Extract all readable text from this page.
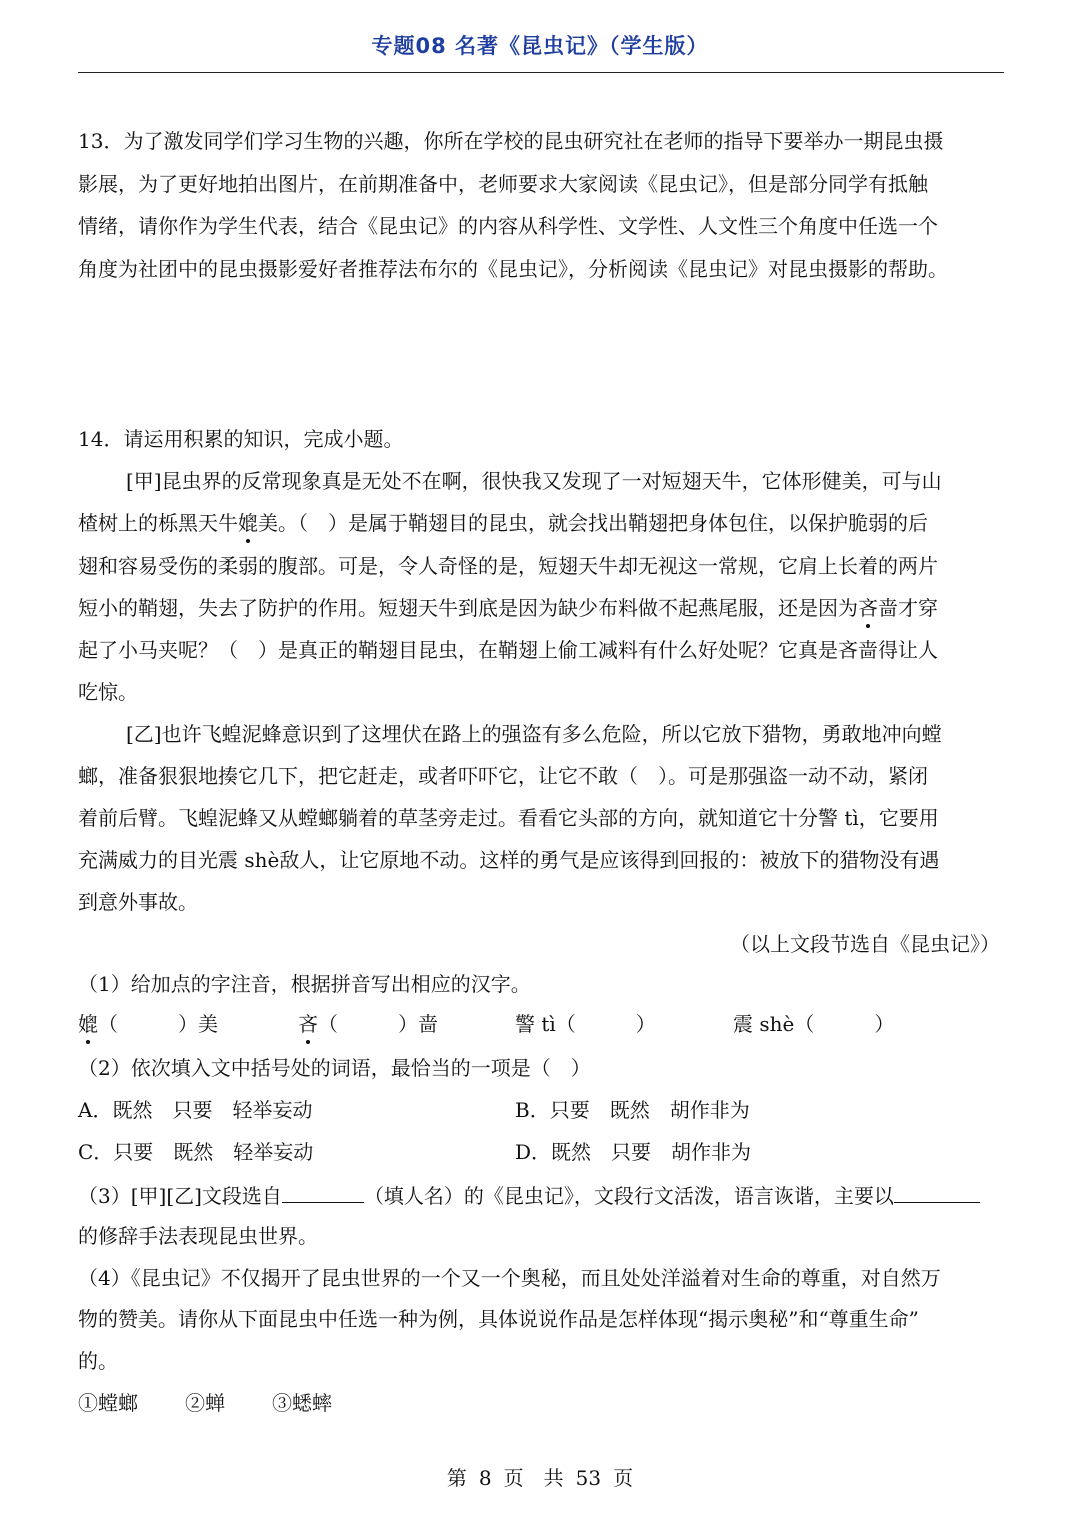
专题08 名著《昆虫记》（学生版）
13．为了激发同学们学习生物的兴趣，你所在学校的昆虫研究社在老师的指导下要举办一期昆虫摄
影展，为了更好地拍出图片，在前期准备中，老师要求大家阅读《昆虫记》，但是部分同学有抵触
情绪，请你作为学生代表，结合《昆虫记》的内容从科学性、文学性、人文性三个角度中任选一个
角度为社团中的昆虫摄影爱好者推荐法布尔的《昆虫记》，分析阅读《昆虫记》对昆虫摄影的帮助。
14．请运用积累的知识，完成小题。
[甲]昆虫界的反常现象真是无处不在啊，很快我又发现了一对短翅天牛，它体形健美，可与山
楂树上的栎黑天牛媲美。（　）是属于鞘翅目的昆虫，就会找出鞘翅把身体包住，以保护脆弱的后
翅和容易受伤的柔弱的腹部。可是，令人奇怪的是，短翅天牛却无视这一常规，它肩上长着的两片
短小的鞘翅，失去了防护的作用。短翅天牛到底是因为缺少布料做不起燕尾服，还是因为吝啬才穿
起了小马夹呢？（　）是真正的鞘翅目昆虫，在鞘翅上偷工减料有什么好处呢？它真是吝啬得让人
吃惊。
[乙]也许飞蝗泥蜂意识到了这埋伏在路上的强盗有多么危险，所以它放下猎物，勇敢地冲向螳
螂，准备狠狠地揍它几下，把它赶走，或者吓吓它，让它不敢（　）。可是那强盗一动不动，紧闭
着前后臂。飞蝗泥蜂又从螳螂躺着的草茎旁走过。看看它头部的方向，就知道它十分警 tì，它要用
充满威力的目光震 shè敌人，让它原地不动。这样的勇气是应该得到回报的：被放下的猎物没有遇
到意外事故。
（以上文段节选自《昆虫记》）
（1）给加点的字注音，根据拼音写出相应的汉字。
媲（　　　）美	吝（　　　）啬	警 tì（　　　）	震 shè（　　　）
（2）依次填入文中括号处的词语，最恰当的一项是（　）
A．既然　只要　轻举妄动	B．只要　既然　胡作非为
C．只要　既然　轻举妄动	D．既然　只要　胡作非为
（3）[甲][乙]文段选自	（填人名）的《昆虫记》，文段行文活泼，语言诙谐，主要以
的修辞手法表现昆虫世界。
（4）《昆虫记》不仅揭开了昆虫世界的一个又一个奥秘，而且处处洋溢着对生命的尊重，对自然万
物的赞美。请你从下面昆虫中任选一种为例，具体说说作品是怎样体现“揭示奥秘”和“尊重生命”
的。
①螳螂 ②蝉 ③蟋蟀
第 8 页　共 53 页
